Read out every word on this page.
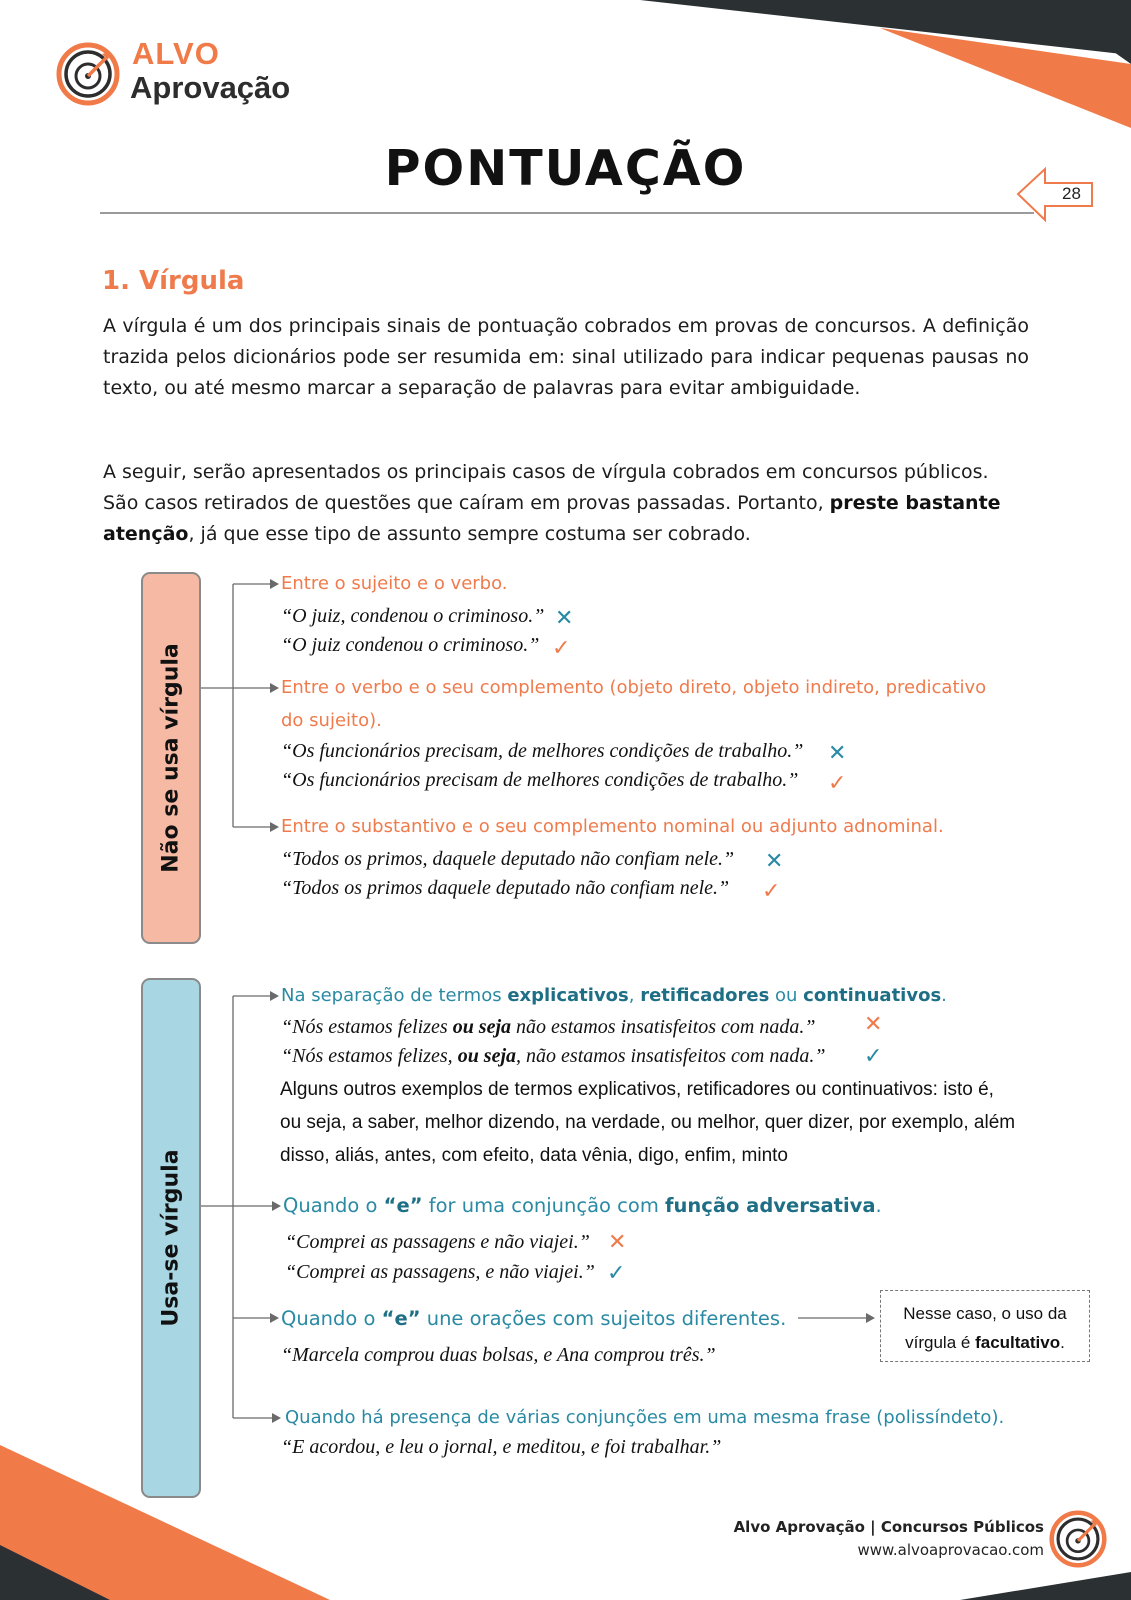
ALVO
Aprovação
PONTUAÇÃO	28
1. Vírgula
A vírgula é um dos principais sinais de pontuação cobrados em provas de concursos. A definição trazida pelos dicionários pode ser resumida em: sinal utilizado para indicar pequenas pausas no texto, ou até mesmo marcar a separação de palavras para evitar ambiguidade.
A seguir, serão apresentados os principais casos de vírgula cobrados em concursos públicos. São casos retirados de questões que caíram em provas passadas. Portanto, preste bastante atenção, já que esse tipo de assunto sempre costuma ser cobrado.
Não se usa vírgula
Entre o sujeito e o verbo.
“O juiz, condenou o criminoso.” ✕
“O juiz condenou o criminoso.” ✓
Entre o verbo e o seu complemento (objeto direto, objeto indireto, predicativo
do sujeito).
“Os funcionários precisam, de melhores condições de trabalho.” ✕
“Os funcionários precisam de melhores condições de trabalho.” ✓
Entre o substantivo e o seu complemento nominal ou adjunto adnominal.
“Todos os primos, daquele deputado não confiam nele.” ✕
“Todos os primos daquele deputado não confiam nele.” ✓
Usa-se vírgula
Na separação de termos explicativos, retificadores ou continuativos.
“Nós estamos felizes ou seja não estamos insatisfeitos com nada.” ✕
“Nós estamos felizes, ou seja, não estamos insatisfeitos com nada.” ✓
Alguns outros exemplos de termos explicativos, retificadores ou continuativos: isto é, ou seja, a saber, melhor dizendo, na verdade, ou melhor, quer dizer, por exemplo, além disso, aliás, antes, com efeito, data vênia, digo, enfim, minto
Quando o “e” for uma conjunção com função adversativa.
“Comprei as passagens e não viajei.” ✕
“Comprei as passagens, e não viajei.” ✓
Quando o “e” une orações com sujeitos diferentes.
“Marcela comprou duas bolsas, e Ana comprou três.”
Nesse caso, o uso da
vírgula é facultativo.
Quando há presença de várias conjunções em uma mesma frase (polissíndeto).
“E acordou, e leu o jornal, e meditou, e foi trabalhar.”
Alvo Aprovação | Concursos Públicos
www.alvoaprovacao.com
